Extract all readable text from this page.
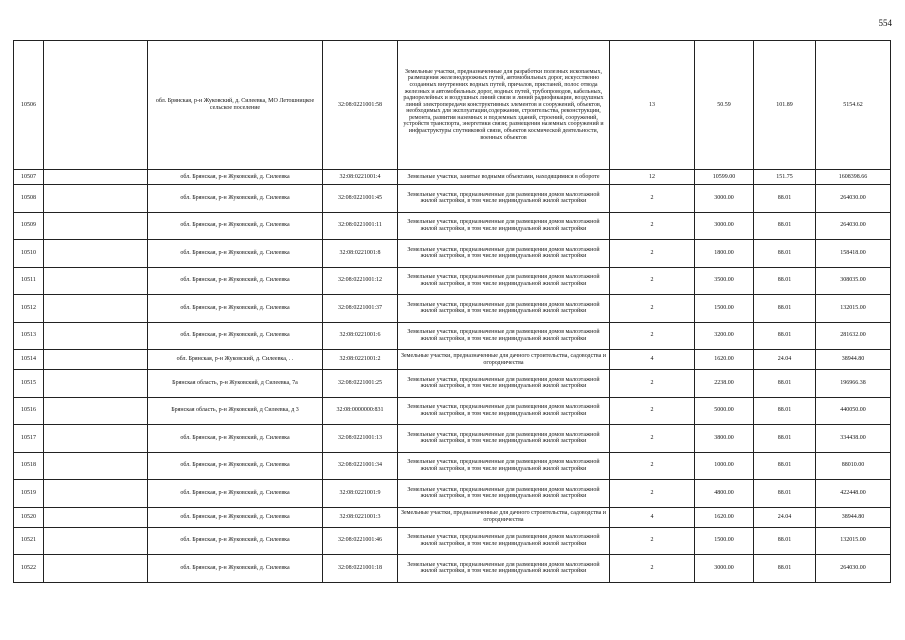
554
10506		обл. Брянская, р-н Жуковский, д. Силеевка, МО Летошницкое сельское поселение	32:08:0221001:58	Земельные участки, предназначенные для разработки полезных ископаемых, размещения железнодорожных путей, автомобильных дорог, искусственно созданных внутренних водных путей, причалов, пристаней, полос отвода железных и автомобильных дорог, водных путей, трубопроводов, кабельных, радиорелейных и воздушных линий связи и линий радиофикации, воздушных линий электропередачи конструктивных элементов и сооружений, объектов, необходимых для эксплуатации,содержания, строительства, реконструкции, ремонта, развития наземных и подземных зданий, строений, сооружений, устройств транспорта, энергетики связи; размещения наземных сооружений и инфраструктуры спутниковой связи, объектов космической деятельности, военных объектов	13	50.59	101.89	5154.62
10507		обл. Брянская, р-н Жуковский, д. Силеевка	32:08:0221001:4	Земельные участки, занятые водными объектами, находящимися в обороте	12	10599.00	151.75	1608398.66
10508		обл. Брянская, р-н Жуковский, д. Силеевка	32:08:0221001:45	Земельные участки, предназначенные для размещения домов малоэтажной жилой застройки, в том числе индивидуальной жилой застройки	2	3000.00	88.01	264030.00
10509		обл. Брянская, р-н Жуковский, д. Силеевка	32:08:0221001:11	Земельные участки, предназначенные для размещения домов малоэтажной жилой застройки, в том числе индивидуальной жилой застройки	2	3000.00	88.01	264030.00
10510		обл. Брянская, р-н Жуковский, д. Силеевка	32:08:0221001:8	Земельные участки, предназначенные для размещения домов малоэтажной жилой застройки, в том числе индивидуальной жилой застройки	2	1800.00	88.01	158418.00
10511		обл. Брянская, р-н Жуковский, д. Силеевка	32:08:0221001:12	Земельные участки, предназначенные для размещения домов малоэтажной жилой застройки, в том числе индивидуальной жилой застройки	2	3500.00	88.01	308035.00
10512		обл. Брянская, р-н Жуковский, д. Силеевка	32:08:0221001:37	Земельные участки, предназначенные для размещения домов малоэтажной жилой застройки, в том числе индивидуальной жилой застройки	2	1500.00	88.01	132015.00
10513		обл. Брянская, р-н Жуковский, д. Силеевка	32:08:0221001:6	Земельные участки, предназначенные для размещения домов малоэтажной жилой застройки, в том числе индивидуальной жилой застройки	2	3200.00	88.01	281632.00
10514		обл. Брянская, р-н Жуковский, д. Силеевка, . .	32:08:0221001:2	Земельные участки, предназначенные для дачного строительства, садоводства и огородничества	4	1620.00	24.04	38944.80
10515		Брянская область, р-н Жуковский, д Силеевка, 7а	32:08:0221001:25	Земельные участки, предназначенные для размещения домов малоэтажной жилой застройки, в том числе индивидуальной жилой застройки	2	2238.00	88.01	196966.38
10516		Брянская область, р-н Жуковский, д Силеевка, д 3	32:08:0000000:831	Земельные участки, предназначенные для размещения домов малоэтажной жилой застройки, в том числе индивидуальной жилой застройки	2	5000.00	88.01	440050.00
10517		обл. Брянская, р-н Жуковский, д. Силеевка	32:08:0221001:13	Земельные участки, предназначенные для размещения домов малоэтажной жилой застройки, в том числе индивидуальной жилой застройки	2	3800.00	88.01	334438.00
10518		обл. Брянская, р-н Жуковский, д. Силеевка	32:08:0221001:34	Земельные участки, предназначенные для размещения домов малоэтажной жилой застройки, в том числе индивидуальной жилой застройки	2	1000.00	88.01	88010.00
10519		обл. Брянская, р-н Жуковский, д. Силеевка	32:08:0221001:9	Земельные участки, предназначенные для размещения домов малоэтажной жилой застройки, в том числе индивидуальной жилой застройки	2	4800.00	88.01	422448.00
10520		обл. Брянская, р-н Жуковский, д. Силеевка	32:08:0221001:3	Земельные участки, предназначенные для дачного строительства, садоводства и огородничества	4	1620.00	24.04	38944.80
10521		обл. Брянская, р-н Жуковский, д. Силеевка	32:08:0221001:46	Земельные участки, предназначенные для размещения домов малоэтажной жилой застройки, в том числе индивидуальной жилой застройки	2	1500.00	88.01	132015.00
10522		обл. Брянская, р-н Жуковский, д. Силеевка	32:08:0221001:18	Земельные участки, предназначенные для размещения домов малоэтажной жилой застройки, в том числе индивидуальной жилой застройки	2	3000.00	88.01	264030.00
